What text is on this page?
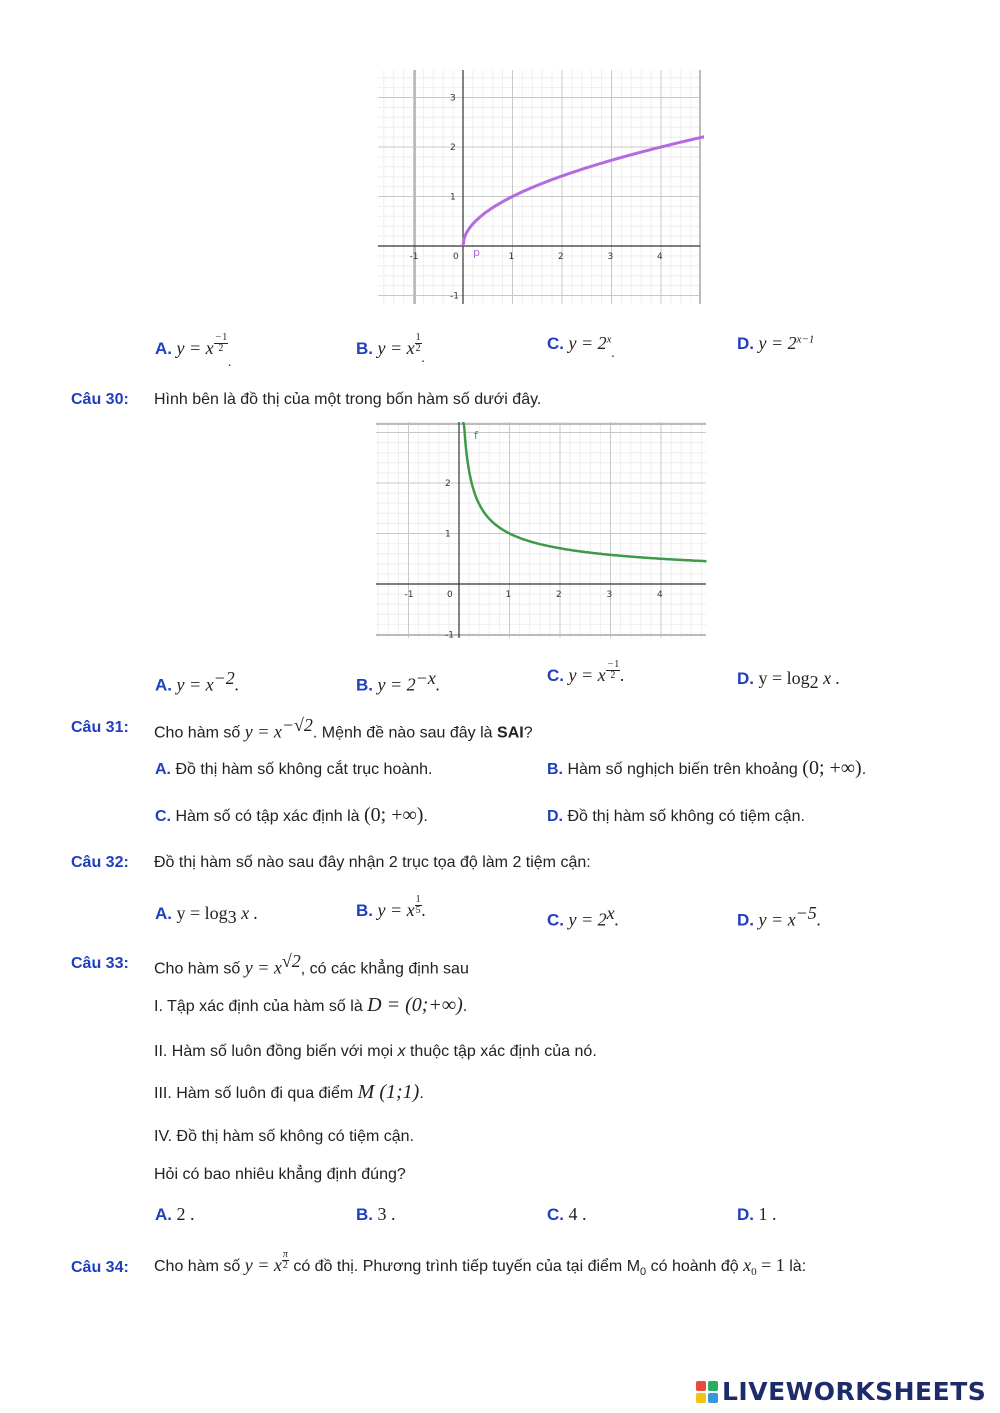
-1	0	1	2	3	4
3
2
1
-1
p
A. y = x $\frac{-1}{2}$
.
B. y = x $\frac{1}{2}$
.
C. $y = 2^x$.
D. $y = 2^{x-1}$
Câu 30: Hình bên là đồ thị của một trong bốn hàm số dưới đây.
-1	0	1	2	3	4
2
1
-1
f
A. $y = x^{-2}$.	B. $y = 2^{-x}$.	C. y = x $\frac{-1}{2}$ .	D. $y = \log_2 x$ .
Câu 31: Cho hàm số $y = x^{-√2}$. Mệnh đề nào sau đây là SAI?
A. Đồ thị hàm số không cắt trục hoành.	B. Hàm số nghịch biến trên khoảng (0; +∞).
C. Hàm số có tập xác định là (0; +∞).	D. Đồ thị hàm số không có tiệm cận.
Câu 32: Đồ thị hàm số nào sau đây nhận 2 trục tọa độ làm 2 tiệm cận:
A. $y = \log_3 x$ .	B. y = x $\frac{1}{5}$ .	C. $y = 2^x$.	D. $y = x^{-5}$.
Câu 33: Cho hàm số $y = x^{√2}$, có các khẳng định sau
I. Tập xác định của hàm số là D = (0;+∞).
II. Hàm số luôn đồng biến với mọi x thuộc tập xác định của nó.
III. Hàm số luôn đi qua điểm M (1;1).
IV. Đồ thị hàm số không có tiệm cận.
Hỏi có bao nhiêu khẳng định đúng?
A. 2 .	B. 3 .	C. 4 .	D. 1 .
Câu 34: Cho hàm số y = x $\frac{\pi}{2}$ có đồ thị. Phương trình tiếp tuyến của tại điểm $M_0$ có hoành độ $x_0 = 1$ là:
LIVEWORKSHEETS
